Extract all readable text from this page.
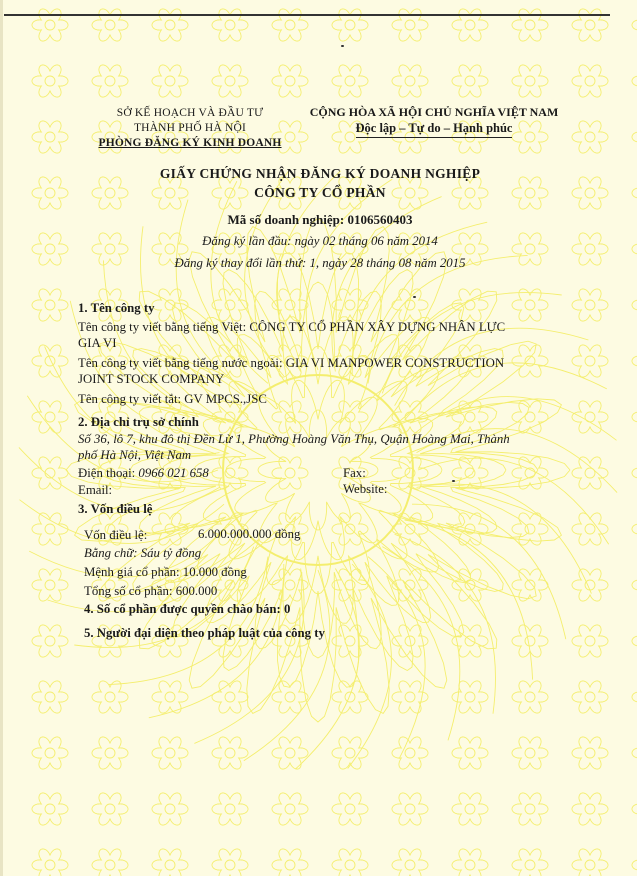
SỞ KẾ HOẠCH VÀ ĐẦU TƯ
THÀNH PHỐ HÀ NỘI
PHÒNG ĐĂNG KÝ KINH DOANH
CỘNG HÒA XÃ HỘI CHỦ NGHĨA VIỆT NAM
Độc lập – Tự do – Hạnh phúc
GIẤY CHỨNG NHẬN ĐĂNG KÝ DOANH NGHIỆP
CÔNG TY CỔ PHẦN
Mã số doanh nghiệp: 0106560403
Đăng ký lần đầu: ngày 02 tháng 06 năm 2014
Đăng ký thay đổi lần thứ: 1, ngày 28 tháng 08 năm 2015
1. Tên công ty
Tên công ty viết bằng tiếng Việt: CÔNG TY CỔ PHẦN XÂY DỰNG NHÂN LỰC
GIA VI
Tên công ty viết bằng tiếng nước ngoài: GIA VI MANPOWER CONSTRUCTION
JOINT STOCK COMPANY
Tên công ty viết tắt: GV MPCS.,JSC
2. Địa chỉ trụ sở chính
Số 36, lô 7, khu đô thị Đền Lừ 1, Phường Hoàng Văn Thụ, Quận Hoàng Mai, Thành
phố Hà Nội, Việt Nam
Điện thoại: 0966 021 658	Fax:
Email:	Website:
3. Vốn điều lệ
Vốn điều lệ:	6.000.000.000 đồng
Bằng chữ: Sáu tỷ đồng
Mệnh giá cổ phần: 10.000 đồng
Tổng số cổ phần: 600.000
4. Số cổ phần được quyền chào bán: 0
5. Người đại diện theo pháp luật của công ty
